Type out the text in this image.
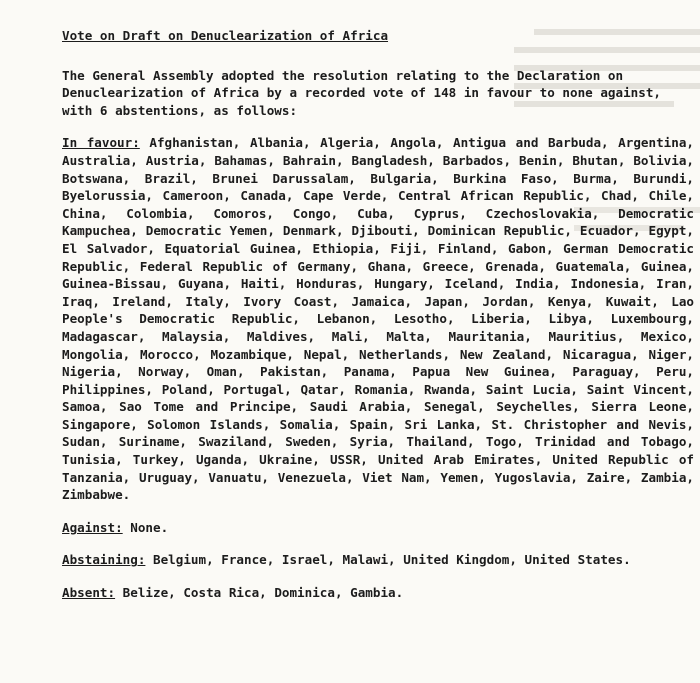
Vote on Draft on Denuclearization of Africa
The General Assembly adopted the resolution relating to the Declaration on Denuclearization of Africa by a recorded vote of 148 in favour to none against, with 6 abstentions, as follows:
In favour: Afghanistan, Albania, Algeria, Angola, Antigua and Barbuda, Argentina, Australia, Austria, Bahamas, Bahrain, Bangladesh, Barbados, Benin, Bhutan, Bolivia, Botswana, Brazil, Brunei Darussalam, Bulgaria, Burkina Faso, Burma, Burundi, Byelorussia, Cameroon, Canada, Cape Verde, Central African Republic, Chad, Chile, China, Colombia, Comoros, Congo, Cuba, Cyprus, Czechoslovakia, Democratic Kampuchea, Democratic Yemen, Denmark, Djibouti, Dominican Republic, Ecuador, Egypt, El Salvador, Equatorial Guinea, Ethiopia, Fiji, Finland, Gabon, German Democratic Republic, Federal Republic of Germany, Ghana, Greece, Grenada, Guatemala, Guinea, Guinea-Bissau, Guyana, Haiti, Honduras, Hungary, Iceland, India, Indonesia, Iran, Iraq, Ireland, Italy, Ivory Coast, Jamaica, Japan, Jordan, Kenya, Kuwait, Lao People's Democratic Republic, Lebanon, Lesotho, Liberia, Libya, Luxembourg, Madagascar, Malaysia, Maldives, Mali, Malta, Mauritania, Mauritius, Mexico, Mongolia, Morocco, Mozambique, Nepal, Netherlands, New Zealand, Nicaragua, Niger, Nigeria, Norway, Oman, Pakistan, Panama, Papua New Guinea, Paraguay, Peru, Philippines, Poland, Portugal, Qatar, Romania, Rwanda, Saint Lucia, Saint Vincent, Samoa, Sao Tome and Principe, Saudi Arabia, Senegal, Seychelles, Sierra Leone, Singapore, Solomon Islands, Somalia, Spain, Sri Lanka, St. Christopher and Nevis, Sudan, Suriname, Swaziland, Sweden, Syria, Thailand, Togo, Trinidad and Tobago, Tunisia, Turkey, Uganda, Ukraine, USSR, United Arab Emirates, United Republic of Tanzania, Uruguay, Vanuatu, Venezuela, Viet Nam, Yemen, Yugoslavia, Zaire, Zambia, Zimbabwe.
Against: None.
Abstaining: Belgium, France, Israel, Malawi, United Kingdom, United States.
Absent: Belize, Costa Rica, Dominica, Gambia.
